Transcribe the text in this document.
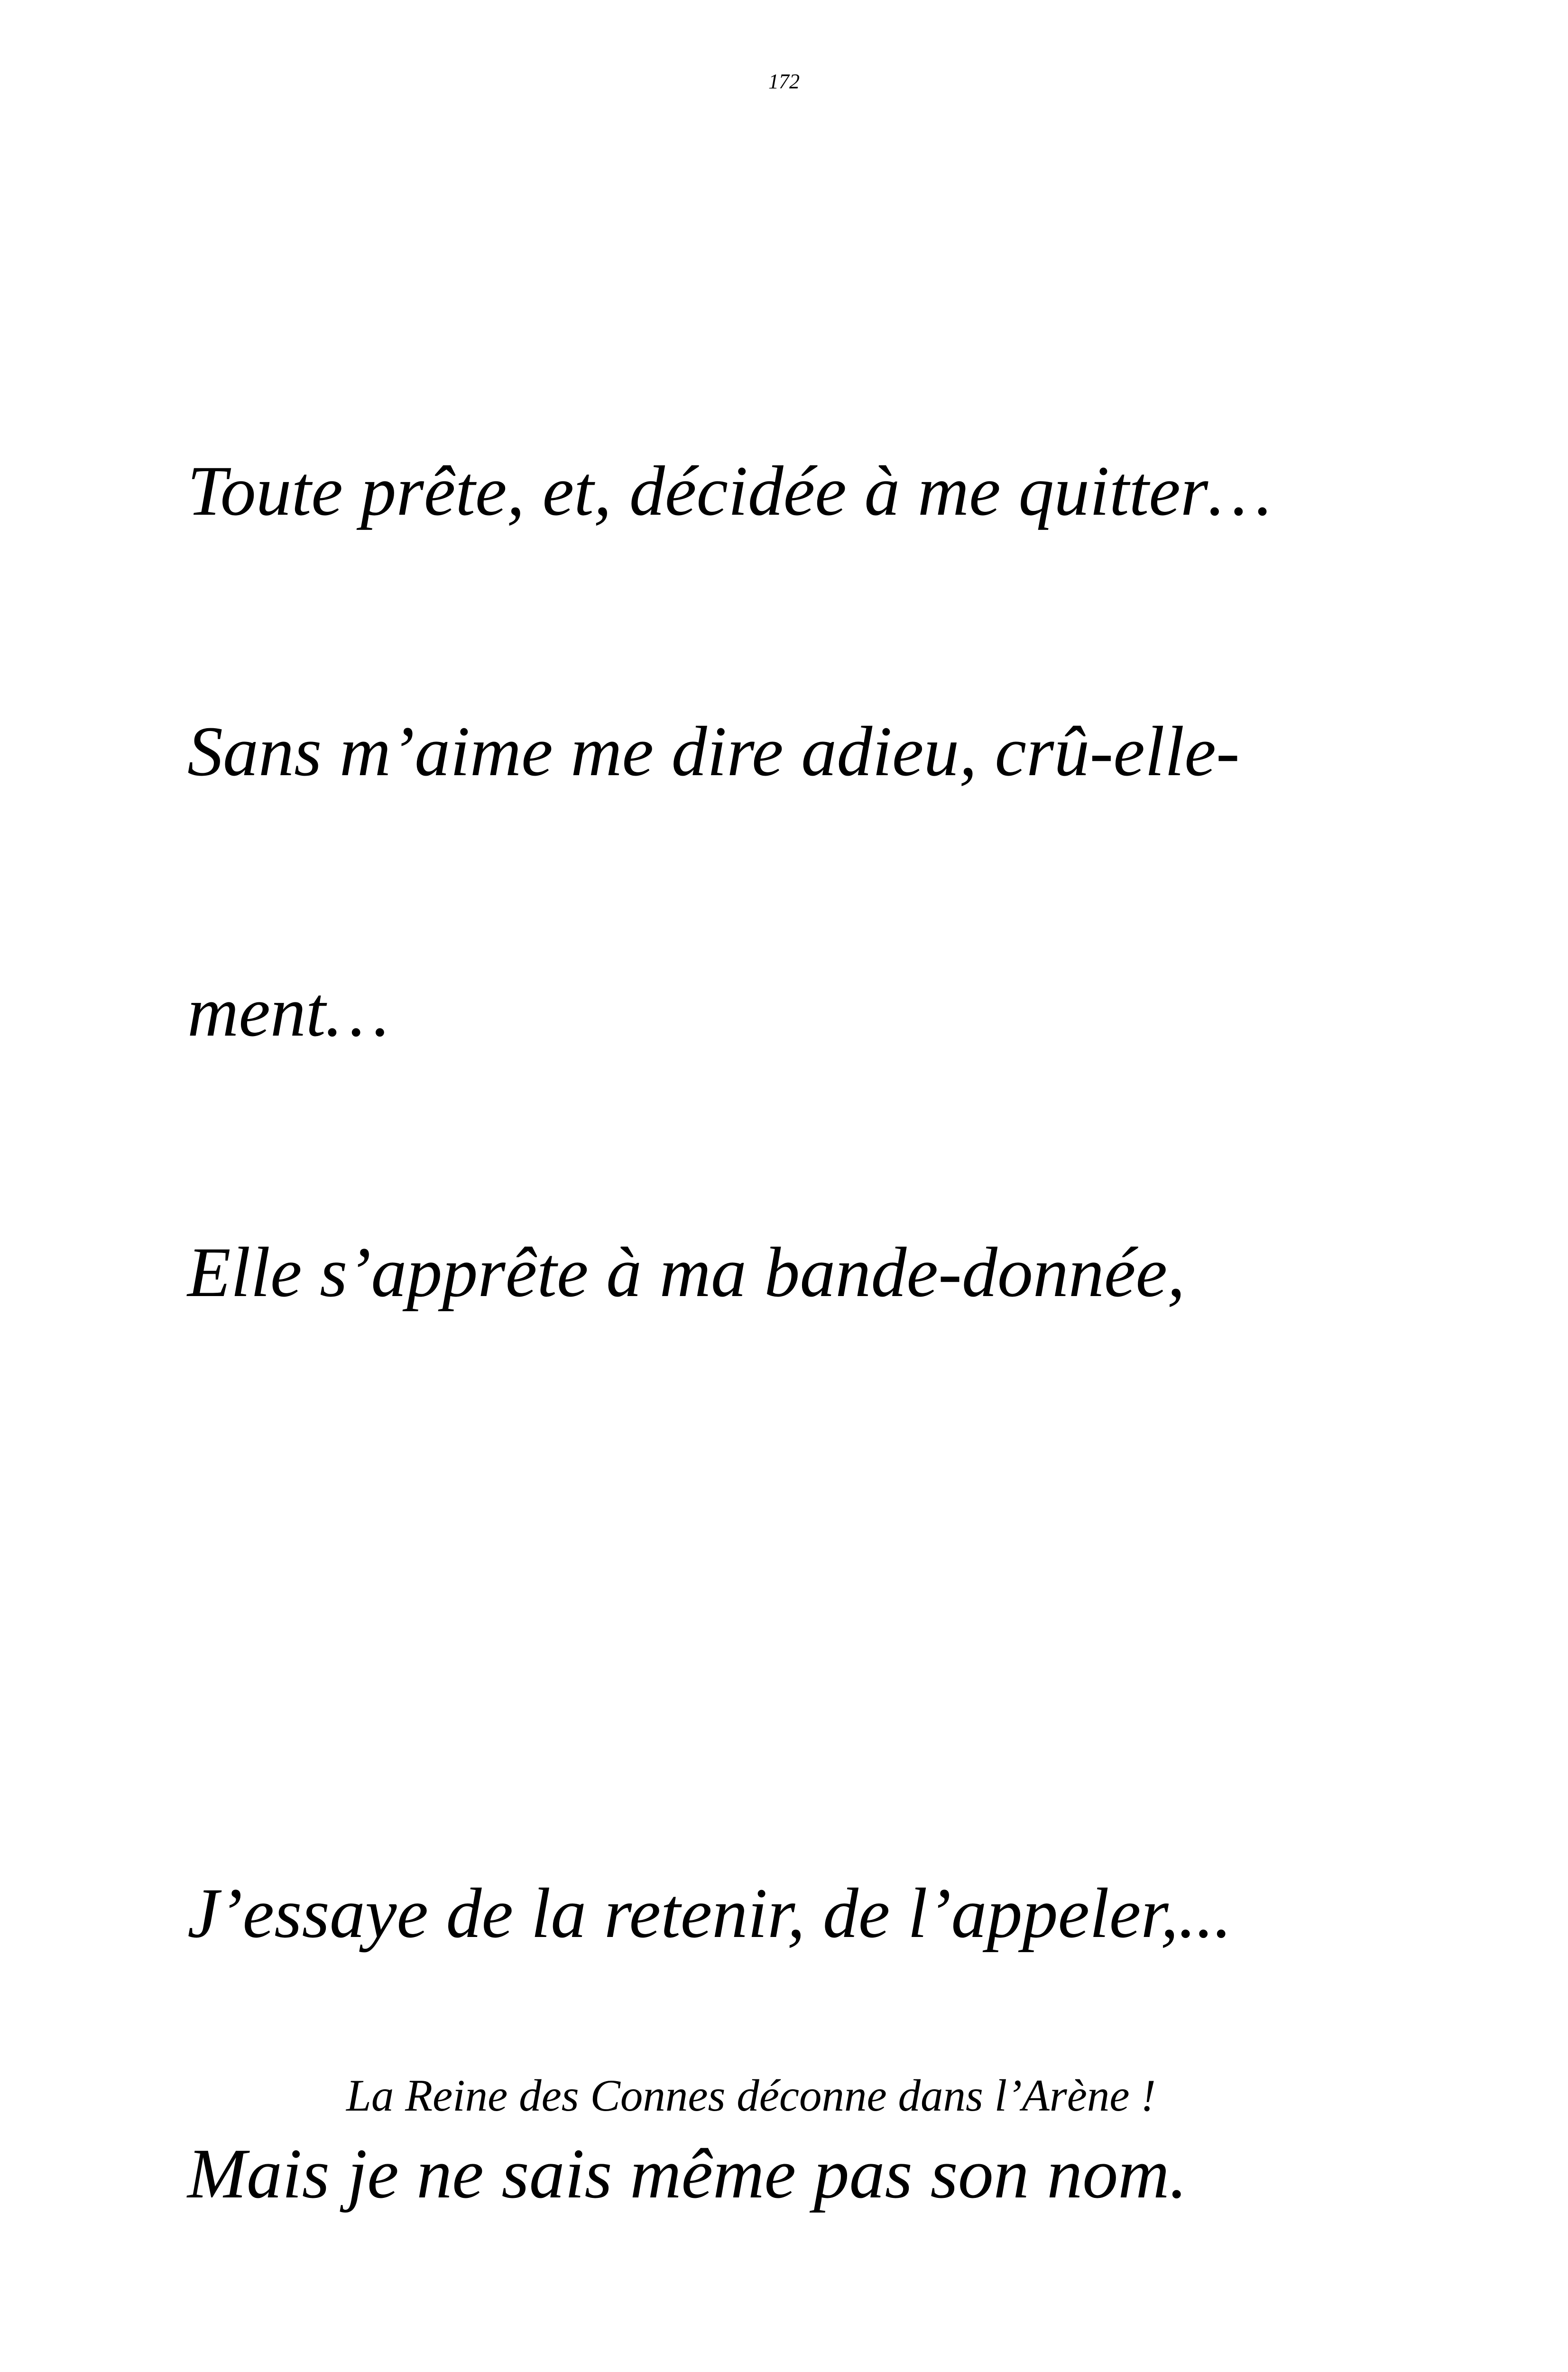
172

Toute prête, et, décidée à me quitter…

Sans m’aime me dire adieu, crû-elle-

ment…

Elle s’apprête à ma bande-donnée,

J’essaye de la retenir, de l’appeler,...

Mais je ne sais même pas son nom.

La Reine des Connes déconne dans l’Arène !
